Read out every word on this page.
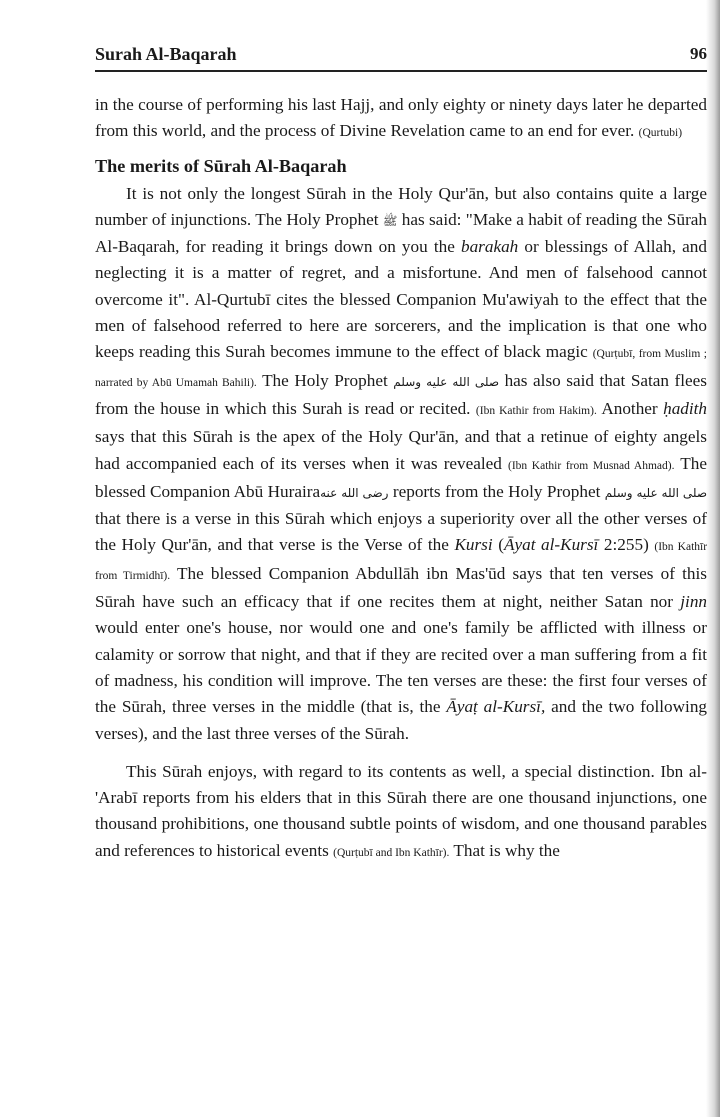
Surah Al-Baqarah	96

in the course of performing his last Hajj, and only eighty or ninety days later he departed from this world, and the process of Divine Revelation came to an end for ever. (Qurtubi)

The merits of Sūrah Al-Baqarah

It is not only the longest Sūrah in the Holy Qur'ān, but also contains quite a large number of injunctions. The Holy Prophet ﷺ has said: "Make a habit of reading the Sūrah Al-Baqarah, for reading it brings down on you the barakah or blessings of Allah, and neglecting it is a matter of regret, and a misfortune. And men of falsehood cannot overcome it". Al-Qurtubī cites the blessed Companion Mu'awiyah to the effect that the men of falsehood referred to here are sorcerers, and the implication is that one who keeps reading this Surah becomes immune to the effect of black magic (Qurṭubī, from Muslim ; narrated by Abū Umamah Bahili). The Holy Prophet صلى الله عليه وسلم has also said that Satan flees from the house in which this Surah is read or recited. (Ibn Kathir from Hakim). Another ḥadith says that this Sūrah is the apex of the Holy Qur'ān, and that a retinue of eighty angels had accompanied each of its verses when it was revealed (Ibn Kathir from Musnad Ahmad). The blessed Companion Abū Hurairaرضى الله عنه reports from the Holy Prophet صلى الله عليه وسلم that there is a verse in this Sūrah which enjoys a superiority over all the other verses of the Holy Qur'ān, and that verse is the Verse of the Kursi (Āyat al-Kursī 2:255) (Ibn Kathīr from Tirmidhī). The blessed Companion Abdullāh ibn Mas'ūd says that ten verses of this Sūrah have such an efficacy that if one recites them at night, neither Satan nor jinn would enter one's house, nor would one and one's family be afflicted with illness or calamity or sorrow that night, and that if they are recited over a man suffering from a fit of madness, his condition will improve. The ten verses are these: the first four verses of the Sūrah, three verses in the middle (that is, the Āyaṭ al-Kursī, and the two following verses), and the last three verses of the Sūrah.

This Sūrah enjoys, with regard to its contents as well, a special distinction. Ibn al-'Arabī reports from his elders that in this Sūrah there are one thousand injunctions, one thousand prohibitions, one thousand subtle points of wisdom, and one thousand parables and references to historical events (Qurṭubī and Ibn Kathīr). That is why the
